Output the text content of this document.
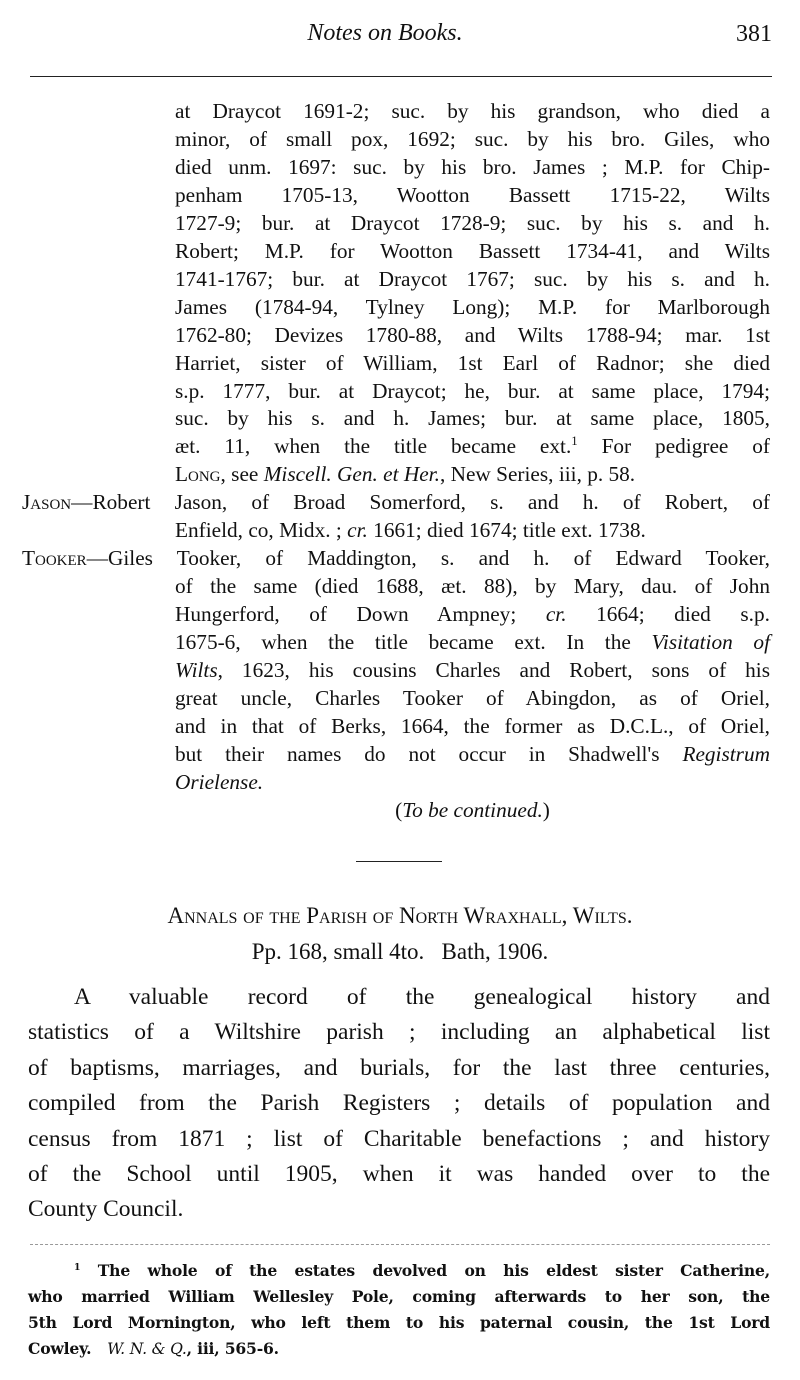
Notes on Books.	381
at Draycot 1691-2; suc. by his grandson, who died a
minor, of small pox, 1692; suc. by his bro. Giles, who
died unm. 1697: suc. by his bro. James ; M.P. for Chip-
penham 1705-13, Wootton Bassett 1715-22, Wilts
1727-9; bur. at Draycot 1728-9; suc. by his s. and h.
Robert; M.P. for Wootton Bassett 1734-41, and Wilts
1741-1767; bur. at Draycot 1767; suc. by his s. and h.
James (1784-94, Tylney Long); M.P. for Marlborough
1762-80; Devizes 1780-88, and Wilts 1788-94; mar. 1st
Harriet, sister of William, 1st Earl of Radnor; she died
s.p. 1777, bur. at Draycot; he, bur. at same place, 1794;
suc. by his s. and h. James; bur. at same place, 1805,
æt. 11, when the title became ext.$^1$ For pedigree of
Long, see Miscell. Gen. et Her., New Series, iii, p. 58.
Jason—Robert Jason, of Broad Somerford, s. and h. of Robert, of
Enfield, co, Midx. ; cr. 1661; died 1674; title ext. 1738.
Tooker—Giles Tooker, of Maddington, s. and h. of Edward Tooker,
of the same (died 1688, æt. 88), by Mary, dau. of John
Hungerford, of Down Ampney; cr. 1664; died s.p.
1675-6, when the title became ext. In the Visitation of
Wilts, 1623, his cousins Charles and Robert, sons of his
great uncle, Charles Tooker of Abingdon, as of Oriel,
and in that of Berks, 1664, the former as D.C.L., of Oriel,
but their names do not occur in Shadwell's Registrum
Orielense.
(To be continued.)
Annals of the Parish of North Wraxhall, Wilts.
Pp. 168, small 4to.   Bath, 1906.
A valuable record of the genealogical history and
statistics of a Wiltshire parish ; including an alphabetical list
of baptisms, marriages, and burials, for the last three centuries,
compiled from the Parish Registers ; details of population and
census from 1871 ; list of Charitable benefactions ; and history
of the School until 1905, when it was handed over to the
County Council.
$^1$ The whole of the estates devolved on his eldest sister Catherine,
who married William Wellesley Pole, coming afterwards to her son, the
5th Lord Mornington, who left them to his paternal cousin, the 1st Lord
Cowley.   W. N. & Q., iii, 565-6.
